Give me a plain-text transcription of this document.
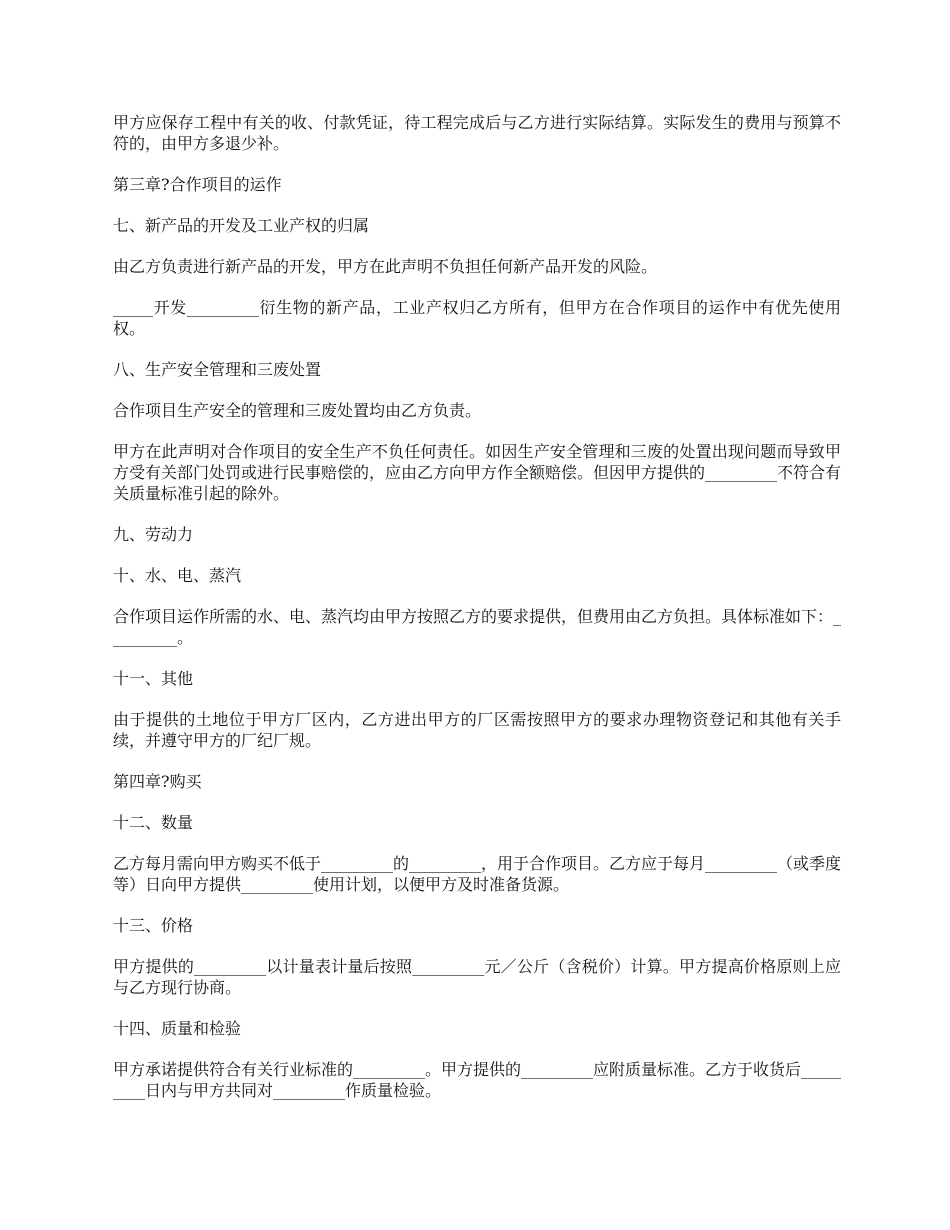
甲方应保存工程中有关的收、付款凭证，待工程完成后与乙方进行实际结算。实际发生的费用与预算不符的，由甲方多退少补。

第三章?合作项目的运作

七、新产品的开发及工业产权的归属

由乙方负责进行新产品的开发，甲方在此声明不负担任何新产品开发的风险。

_____开发_________衍生物的新产品，工业产权归乙方所有，但甲方在合作项目的运作中有优先使用权。

八、生产安全管理和三废处置

合作项目生产安全的管理和三废处置均由乙方负责。

甲方在此声明对合作项目的安全生产不负任何责任。如因生产安全管理和三废的处置出现问题而导致甲方受有关部门处罚或进行民事赔偿的，应由乙方向甲方作全额赔偿。但因甲方提供的_________不符合有关质量标准引起的除外。

九、劳动力

十、水、电、蒸汽

合作项目运作所需的水、电、蒸汽均由甲方按照乙方的要求提供，但费用由乙方负担。具体标准如下：_________。

十一、其他

由于提供的土地位于甲方厂区内，乙方进出甲方的厂区需按照甲方的要求办理物资登记和其他有关手续，并遵守甲方的厂纪厂规。

第四章?购买

十二、数量

乙方每月需向甲方购买不低于_________的_________，用于合作项目。乙方应于每月_________（或季度等）日向甲方提供_________使用计划，以便甲方及时准备货源。

十三、价格

甲方提供的_________以计量表计量后按照_________元／公斤（含税价）计算。甲方提高价格原则上应与乙方现行协商。

十四、质量和检验

甲方承诺提供符合有关行业标准的_________。甲方提供的_________应附质量标准。乙方于收货后_________日内与甲方共同对_________作质量检验。
